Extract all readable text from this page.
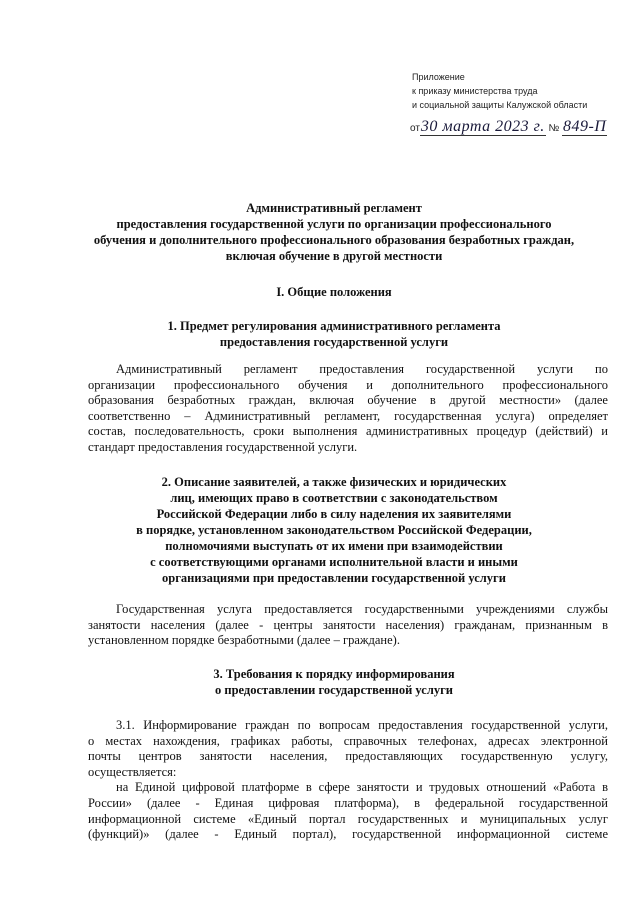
Приложение
к приказу министерства труда
и социальной защиты Калужской области
от30 марта 2023 г. № 849-П
Административный регламент
предоставления государственной услуги по организации профессионального
обучения и дополнительного профессионального образования безработных граждан,
включая обучение в другой местности
I. Общие положения
1. Предмет регулирования административного регламента
предоставления государственной услуги
Административный регламент предоставления государственной услуги по
организации профессионального обучения и дополнительного профессионального
образования безработных граждан, включая обучение в другой местности» (далее
соответственно – Административный регламент, государственная услуга) определяет
состав, последовательность, сроки выполнения административных процедур (действий) и
стандарт предоставления государственной услуги.
2. Описание заявителей, а также физических и юридических
лиц, имеющих право в соответствии с законодательством
Российской Федерации либо в силу наделения их заявителями
в порядке, установленном законодательством Российской Федерации,
полномочиями выступать от их имени при взаимодействии
с соответствующими органами исполнительной власти и иными
организациями при предоставлении государственной услуги
Государственная услуга предоставляется государственными учреждениями службы
занятости населения (далее - центры занятости населения) гражданам, признанным в
установленном порядке безработными (далее – гражданe).
3. Требования к порядку информирования
о предоставлении государственной услуги
3.1. Информирование граждан по вопросам предоставления государственной услуги,
о местах нахождения, графиках работы, справочных телефонах, адресах электронной
почты центров занятости населения, предоставляющих государственную услугу,
осуществляется:
на Единой цифровой платформе в сфере занятости и трудовых отношений «Работа в
России» (далее - Единая цифровая платформа), в федеральной государственной
информационной системе «Единый портал государственных и муниципальных услуг
(функций)» (далее - Единый портал), государственной информационной системе
